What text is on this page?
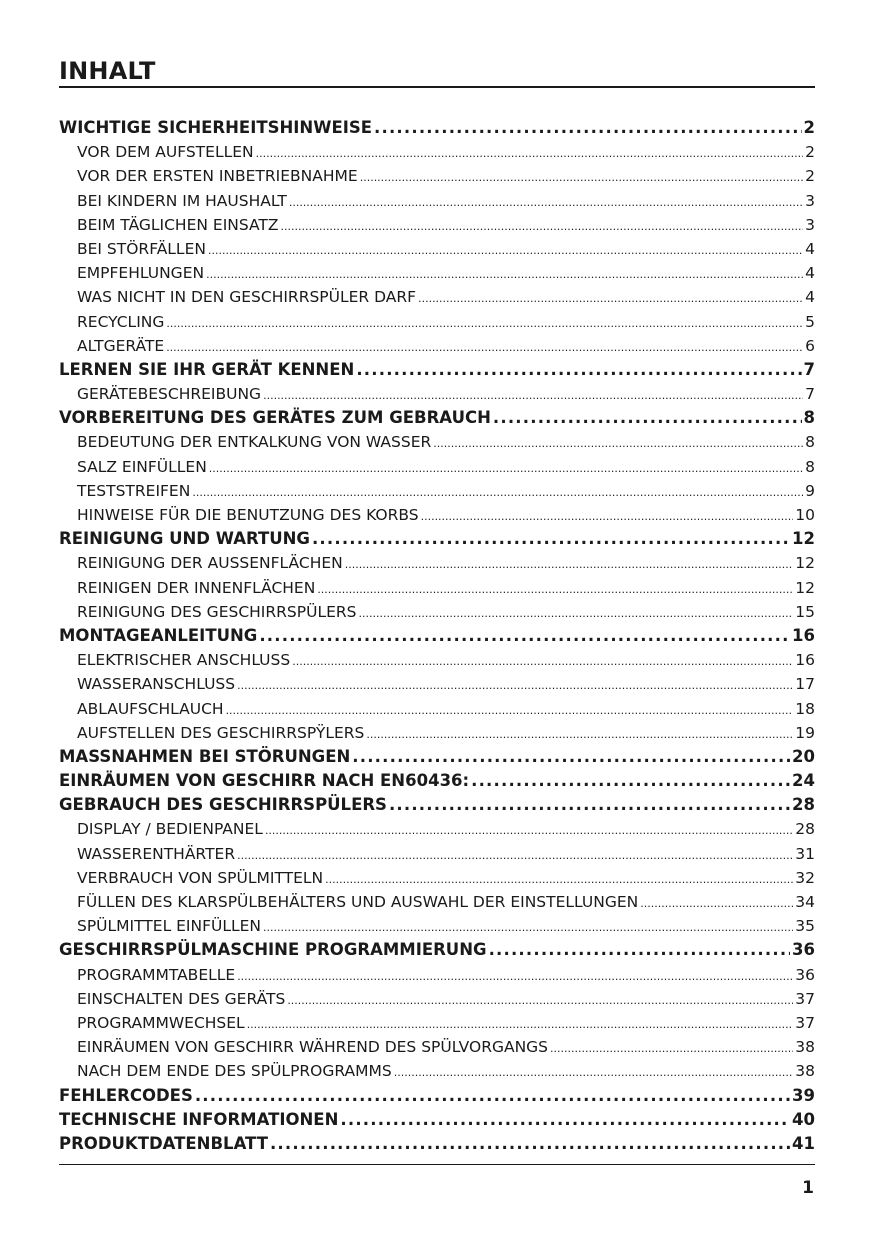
INHALT
WICHTIGE SICHERHEITSHINWEISE .....	2
VOR DEM AUFSTELLEN .....	2
VOR DER ERSTEN INBETRIEBNAHME .....	2
BEI KINDERN IM HAUSHALT .....	3
BEIM TÄGLICHEN EINSATZ .....	3
BEI STÖRFÄLLEN .....	4
EMPFEHLUNGEN .....	4
WAS NICHT IN DEN GESCHIRRSPÜLER DARF .....	4
RECYCLING .....	5
ALTGERÄTE .....	6
LERNEN SIE IHR GERÄT KENNEN .....	7
GERÄTEBESCHREIBUNG .....	7
VORBEREITUNG DES GERÄTES ZUM GEBRAUCH .....	8
BEDEUTUNG DER ENTKALKUNG VON WASSER .....	8
SALZ EINFÜLLEN .....	8
TESTSTREIFEN .....	9
HINWEISE FÜR DIE BENUTZUNG DES KORBS .....	10
REINIGUNG UND WARTUNG .....	12
REINIGUNG DER AUSSENFLÄCHEN .....	12
REINIGEN DER INNENFLÄCHEN .....	12
REINIGUNG DES GESCHIRRSPÜLERS .....	15
MONTAGEANLEITUNG .....	16
ELEKTRISCHER ANSCHLUSS .....	16
WASSERANSCHLUSS .....	17
ABLAUFSCHLAUCH .....	18
AUFSTELLEN DES GESCHIRRSPŸLERS .....	19
MASSNAHMEN BEI STÖRUNGEN .....	20
EINRÄUMEN VON GESCHIRR NACH EN60436: .....	24
GEBRAUCH DES GESCHIRRSPÜLERS .....	28
DISPLAY / BEDIENPANEL .....	28
WASSERENTHÄRTER .....	31
VERBRAUCH VON SPÜLMITTELN .....	32
FÜLLEN DES KLARSPÜLBEHÄLTERS UND AUSWAHL DER EINSTELLUNGEN .....	34
SPÜLMITTEL EINFÜLLEN .....	35
GESCHIRRSPÜLMASCHINE PROGRAMMIERUNG .....	36
PROGRAMMTABELLE .....	36
EINSCHALTEN DES GERÄTS .....	37
PROGRAMMWECHSEL .....	37
EINRÄUMEN VON GESCHIRR WÄHREND DES SPÜLVORGANGS .....	38
NACH DEM ENDE DES SPÜLPROGRAMMS .....	38
FEHLERCODES .....	39
TECHNISCHE INFORMATIONEN .....	40
PRODUKTDATENBLATT .....	41
1
